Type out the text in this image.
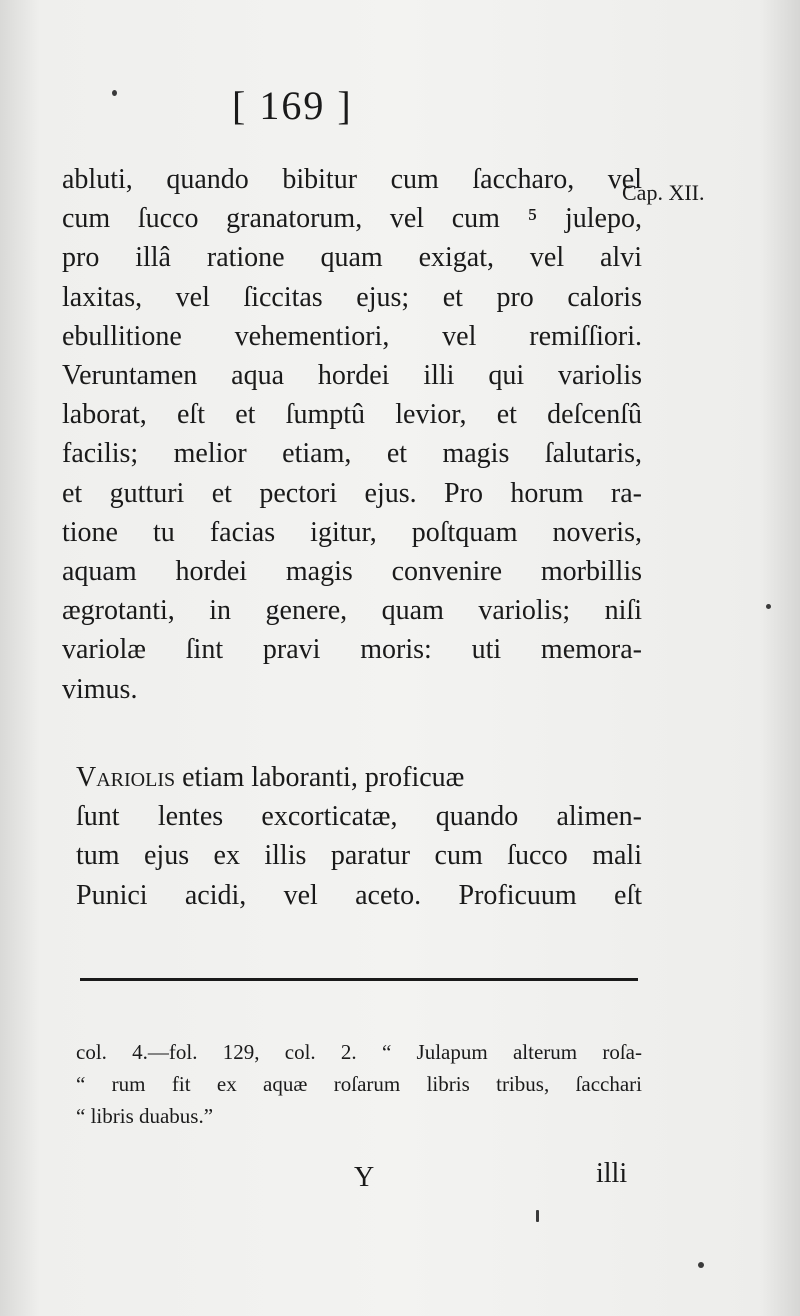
[ 169 ]
Cap. XII.
abluti, quando bibitur cum ſaccharo, vel
cum ſucco granatorum, vel cum ⁵ julepo,
pro illâ ratione quam exigat, vel alvi
laxitas, vel ſiccitas ejus; et pro caloris
ebullitione vehementiori, vel remiſſiori.
Veruntamen aqua hordei illi qui variolis
laborat, eſt et ſumptû levior, et deſcenſû
facilis; melior etiam, et magis ſalutaris,
et gutturi et pectori ejus. Pro horum ra-
tione tu facias igitur, poſtquam noveris,
aquam hordei magis convenire morbillis
ægrotanti, in genere, quam variolis; niſi
variolæ ſint pravi moris: uti memora-
vimus.
Variolis etiam laboranti, proficuæ
ſunt lentes excorticatæ, quando alimen-
tum ejus ex illis paratur cum ſucco mali
Punici acidi, vel aceto. Proficuum eſt
col. 4.—fol. 129, col. 2. “ Julapum alterum roſa-
“ rum fit ex aquæ roſarum libris tribus, ſacchari
“ libris duabus.”
Y	illi
